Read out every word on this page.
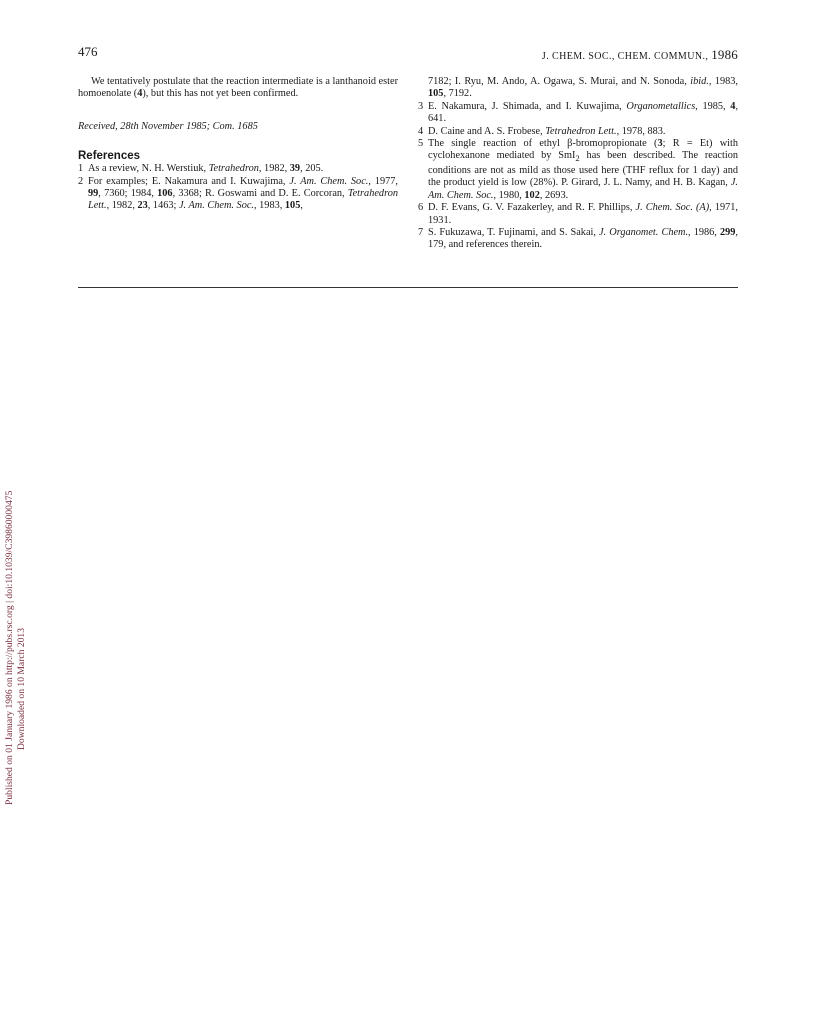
Published on 01 January 1986 on http://pubs.rsc.org | doi:10.1039/C39860000475 Downloaded on 10 March 2013
476	J. CHEM. SOC., CHEM. COMMUN., 1986

We tentatively postulate that the reaction intermediate is a lanthanoid ester homoenolate (4), but this has not yet been confirmed.

Received, 28th November 1985; Com. 1685
References

1 As a review, N. H. Werstiuk, Tetrahedron, 1982, 39, 205.

2 For examples; E. Nakamura and I. Kuwajima, J. Am. Chem. Soc., 1977, 99, 7360; 1984, 106, 3368; R. Goswami and D. E. Corcoran, Tetrahedron Lett., 1982, 23, 1463; J. Am. Chem. Soc., 1983, 105,

7182; I. Ryu, M. Ando, A. Ogawa, S. Murai, and N. Sonoda, ibid., 1983, 105, 7192.

3 E. Nakamura, J. Shimada, and I. Kuwajima, Organometallics, 1985, 4, 641.

4 D. Caine and A. S. Frobese, Tetrahedron Lett., 1978, 883.

5 The single reaction of ethyl β-bromopropionate (3; R = Et) with cyclohexanone mediated by SmI$_2$ has been described. The reaction conditions are not as mild as those used here (THF reflux for 1 day) and the product yield is low (28%). P. Girard, J. L. Namy, and H. B. Kagan, J. Am. Chem. Soc., 1980, 102, 2693.

6 D. F. Evans, G. V. Fazakerley, and R. F. Phillips, J. Chem. Soc. (A), 1971, 1931.

7 S. Fukuzawa, T. Fujinami, and S. Sakai, J. Organomet. Chem., 1986, 299, 179, and references therein.
